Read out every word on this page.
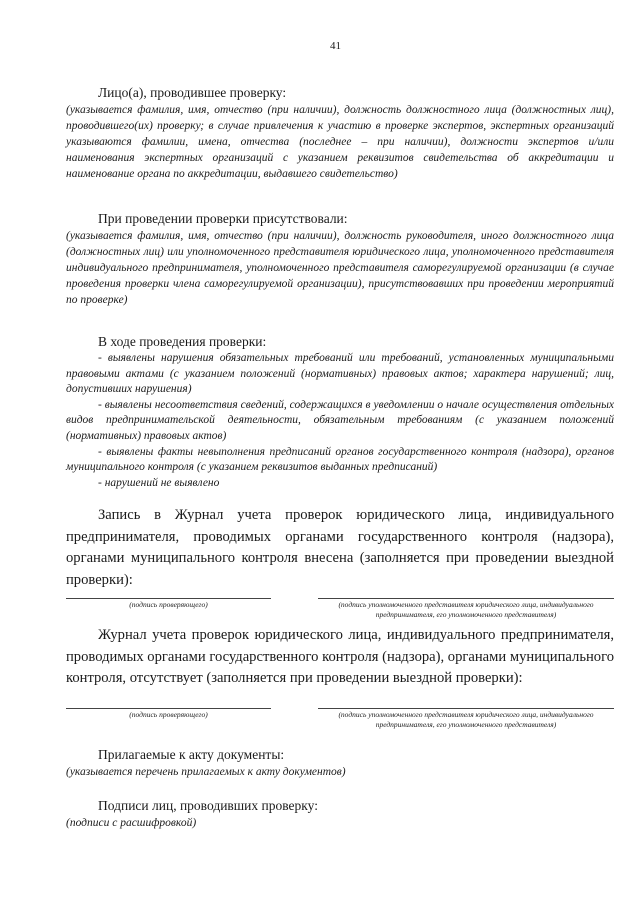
41
Лицо(а), проводившее проверку:

(указывается фамилия, имя, отчество (при наличии), должность должностного лица (должностных лиц), проводившего(их) проверку; в случае привлечения к участию в проверке экспертов, экспертных организаций указываются фамилии, имена, отчества (последнее – при наличии), должности экспертов и/или наименования экспертных организаций с указанием реквизитов свидетельства об аккредитации и наименование органа по аккредитации, выдавшего свидетельство)

При проведении проверки присутствовали:

(указывается фамилия, имя, отчество (при наличии), должность руководителя, иного должностного лица (должностных лиц) или уполномоченного представителя юридического лица, уполномоченного представителя индивидуального предпринимателя, уполномоченного представителя саморегулируемой организации (в случае проведения проверки члена саморегулируемой организации), присутствовавших при проведении мероприятий по проверке)

В ходе проведения проверки:

- выявлены нарушения обязательных требований или требований, установленных муниципальными правовыми актами (с указанием положений (нормативных) правовых актов; характера нарушений; лиц, допустивших нарушения)

- выявлены несоответствия сведений, содержащихся в уведомлении о начале осуществления отдельных видов предпринимательской деятельности, обязательным требованиям (с указанием положений (нормативных) правовых актов)

- выявлены факты невыполнения предписаний органов государственного контроля (надзора), органов муниципального контроля (с указанием реквизитов выданных предписаний)

- нарушений не выявлено

Запись в Журнал учета проверок юридического лица, индивидуального предпринимателя, проводимых органами государственного контроля (надзора), органами муниципального контроля внесена (заполняется при проведении выездной проверки):

(подпись проверяющего)	(подпись уполномоченного представителя юридического лица, индивидуального предпринимателя, его уполномоченного представителя)

Журнал учета проверок юридического лица, индивидуального предпринимателя, проводимых органами государственного контроля (надзора), органами муниципального контроля, отсутствует (заполняется при проведении выездной проверки):

(подпись проверяющего)	(подпись уполномоченного представителя юридического лица, индивидуального предпринимателя, его уполномоченного представителя)
Прилагаемые к акту документы:

(указывается перечень прилагаемых к акту документов)

Подписи лиц, проводивших проверку:

(подписи с расшифровкой)
